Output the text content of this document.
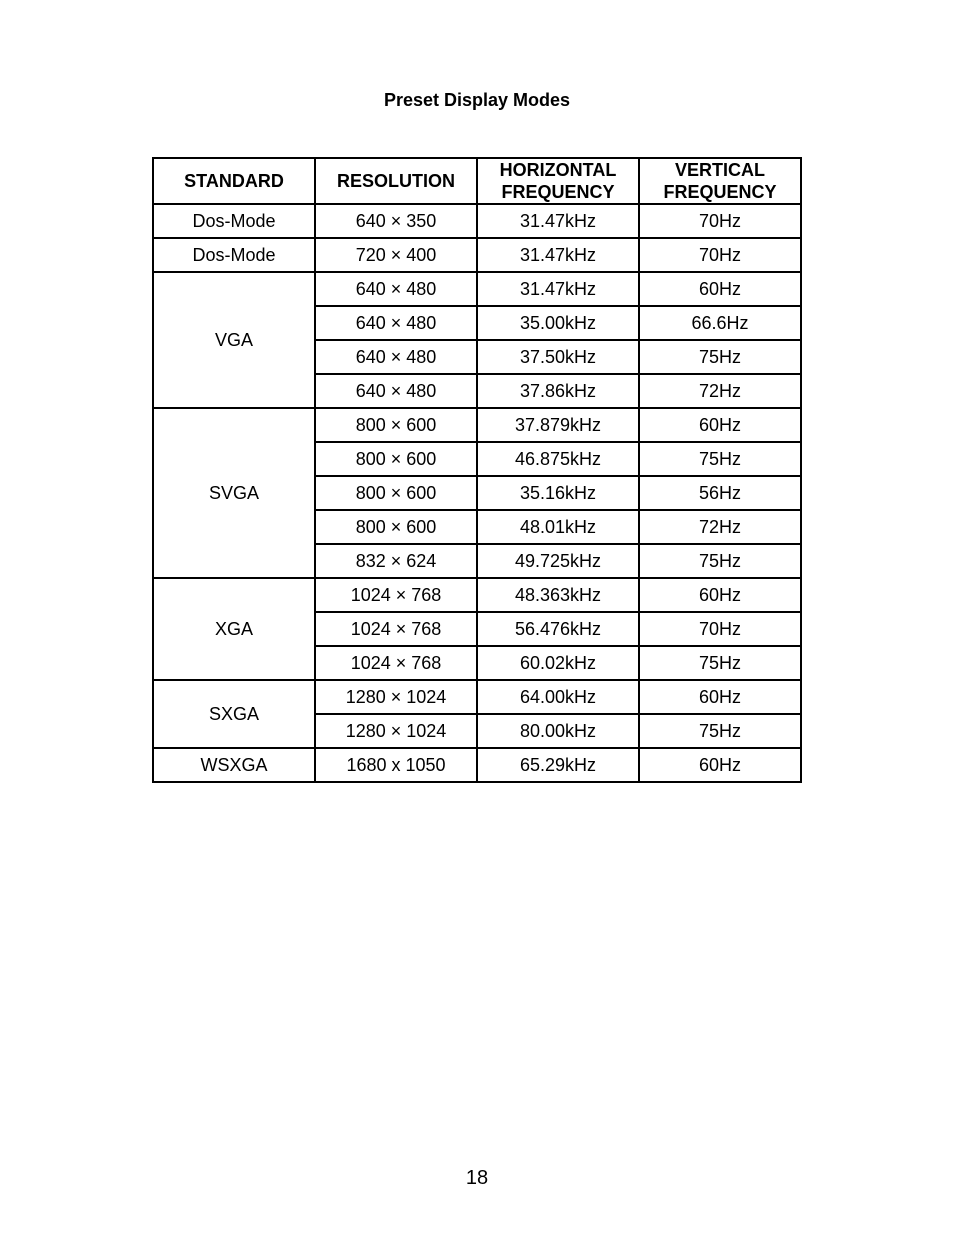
Preset Display Modes
STANDARD	RESOLUTION	HORIZONTAL FREQUENCY	VERTICAL FREQUENCY
Dos-Mode	640 × 350	31.47kHz	70Hz
Dos-Mode	720 × 400	31.47kHz	70Hz
VGA	640 × 480	31.47kHz	60Hz
	640 × 480	35.00kHz	66.6Hz
	640 × 480	37.50kHz	75Hz
	640 × 480	37.86kHz	72Hz
SVGA	800 × 600	37.879kHz	60Hz
	800 × 600	46.875kHz	75Hz
	800 × 600	35.16kHz	56Hz
	800 × 600	48.01kHz	72Hz
	832 × 624	49.725kHz	75Hz
XGA	1024 × 768	48.363kHz	60Hz
	1024 × 768	56.476kHz	70Hz
	1024 × 768	60.02kHz	75Hz
SXGA	1280 × 1024	64.00kHz	60Hz
	1280 × 1024	80.00kHz	75Hz
WSXGA	1680 x 1050	65.29kHz	60Hz
18
